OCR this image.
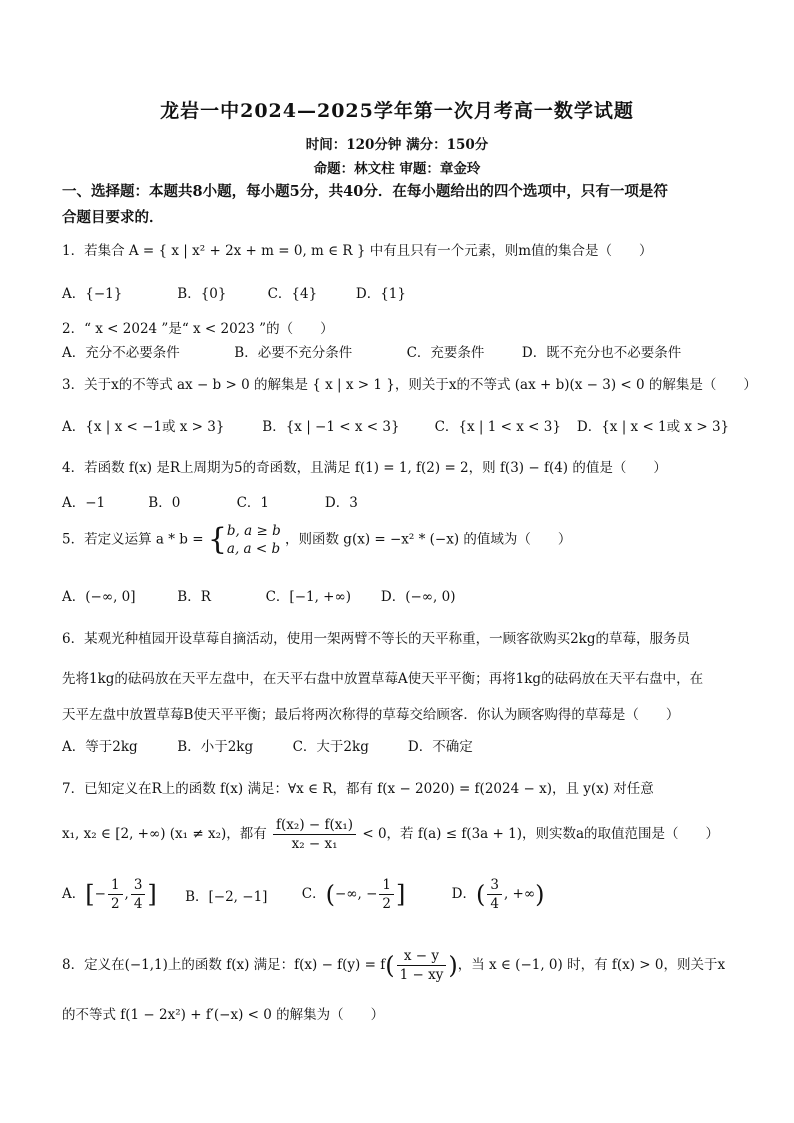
龙岩一中2024—2025学年第一次月考高一数学试题
时间：120分钟 满分：150分
命题：林文柱 审题：章金玲
一、选择题：本题共8小题，每小题5分，共40分．在每小题给出的四个选项中，只有一项是符
合题目要求的．
1．若集合 A = { x | x² + 2x + m = 0, m ∈ R } 中有且只有一个元素，则m值的集合是（　　）
A．{−1}	B．{0}	C．{4}	D．{1}
2．“ x < 2024 ”是“ x < 2023 ”的（　　）
A．充分不必要条件	B．必要不充分条件	C．充要条件	D．既不充分也不必要条件
3．关于x的不等式 ax − b > 0 的解集是 { x | x > 1 }，则关于x的不等式 (ax + b)(x − 3) < 0 的解集是（　　）
A．{x | x < −1或 x > 3}	B．{x | −1 < x < 3}	C．{x | 1 < x < 3} D．{x | x < 1或 x > 3}
4．若函数 f(x) 是R上周期为5的奇函数，且满足 f(1) = 1, f(2) = 2，则 f(3) − f(4) 的值是（　　）
A．−1	B．0	C．1	D．3
5．若定义运算 a * b = { b, a ≥ b
a, a < b
，则函数 g(x) = −x² * (−x) 的值域为（　　）
A．(−∞, 0]	B．R	C．[−1, +∞) D．(−∞, 0)
6．某观光种植园开设草莓自摘活动，使用一架两臂不等长的天平称重，一顾客欲购买2kg的草莓，服务员
先将1kg的砝码放在天平左盘中，在天平右盘中放置草莓A使天平平衡；再将1kg的砝码放在天平右盘中，在
天平左盘中放置草莓B使天平平衡；最后将两次称得的草莓交给顾客．你认为顾客购得的草莓是（　　）
A．等于2kg	B．小于2kg	C．大于2kg	D．不确定
7．已知定义在R上的函数 f(x) 满足：∀x ∈ R，都有 f(x − 2020) = f(2024 − x)，且 y(x) 对任意
x₁, x₂ ∈ [2, +∞) (x₁ ≠ x₂)，都有 $\frac{\text{f(x₂) − f(x₁)}}{\text{x₂ − x₁}} < 0$，若 f(a) ≤ f(3a + 1)，则实数a的取值范围是（　　）
A．[− $\frac{1}{2}$ , $\frac{3}{4}$ ] B．[−2, −1]	C．(−∞, − $\frac{1}{2}$ ]	D．( $\frac{3}{4}$ , +∞)
8．定义在(−1,1)上的函数 f(x) 满足：$f(x) - f(y) = f( \frac{x - y}{1 - xy}$ )，当 x ∈ (−1, 0) 时，有 f(x) > 0，则关于x
的不等式 f(1 − 2x²) + f′(−x) < 0 的解集为（　　）
